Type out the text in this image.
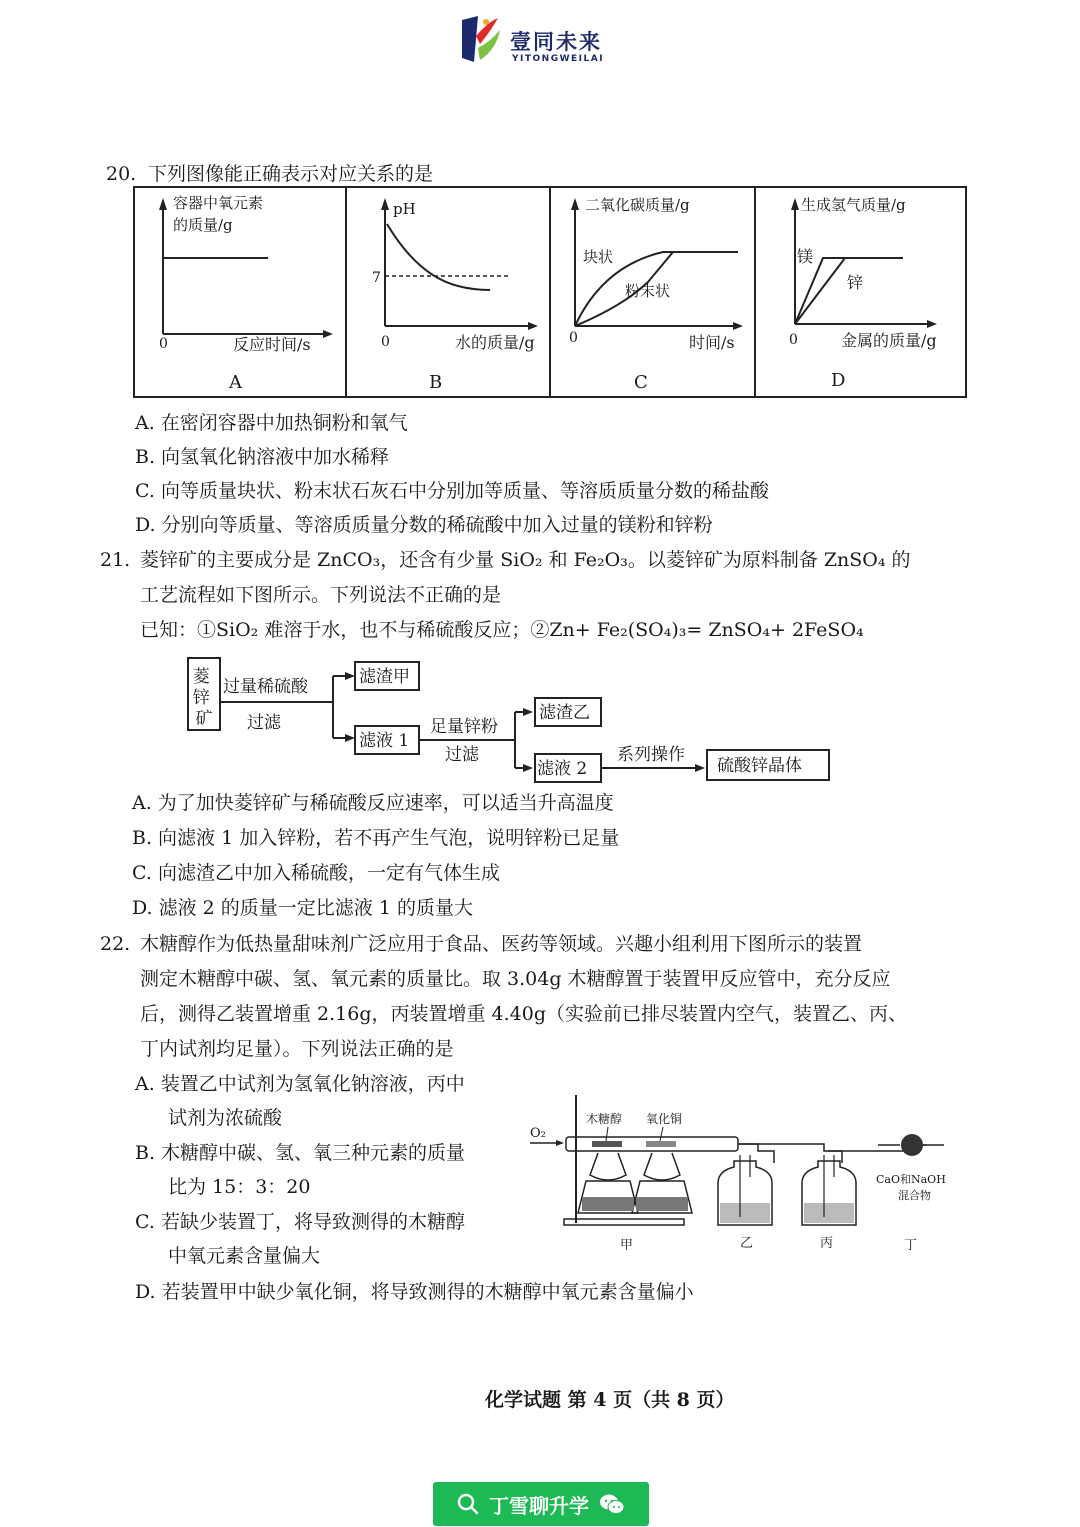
壹同未来
YITONGWEILAI
20. 下列图像能正确表示对应关系的是
容器中氧元素
的质量/g
0	反应时间/s
A
pH
7
0	水的质量/g
B
二氧化碳质量/g
块状
粉末状
0	时间/s
C
生成氢气质量/g
镁
锌
0	金属的质量/g
D
A. 在密闭容器中加热铜粉和氧气
B. 向氢氧化钠溶液中加水稀释
C. 向等质量块状、粉末状石灰石中分别加等质量、等溶质质量分数的稀盐酸
D. 分别向等质量、等溶质质量分数的稀硫酸中加入过量的镁粉和锌粉
21. 菱锌矿的主要成分是 ZnCO₃，还含有少量 SiO₂ 和 Fe₂O₃。以菱锌矿为原料制备 ZnSO₄ 的
工艺流程如下图所示。下列说法不正确的是
已知：①SiO₂ 难溶于水，也不与稀硫酸反应；②Zn+ Fe₂(SO₄)₃= ZnSO₄+ 2FeSO₄
菱 锌 矿
过量稀硫酸
过滤
滤渣甲
滤液 1
足量锌粉
过滤
滤渣乙
滤液 2
系列操作
硫酸锌晶体
A. 为了加快菱锌矿与稀硫酸反应速率，可以适当升高温度
B. 向滤液 1 加入锌粉，若不再产生气泡，说明锌粉已足量
C. 向滤渣乙中加入稀硫酸，一定有气体生成
D. 滤液 2 的质量一定比滤液 1 的质量大
22. 木糖醇作为低热量甜味剂广泛应用于食品、医药等领域。兴趣小组利用下图所示的装置
测定木糖醇中碳、氢、氧元素的质量比。取 3.04g 木糖醇置于装置甲反应管中，充分反应
后，测得乙装置增重 2.16g，丙装置增重 4.40g（实验前已排尽装置内空气，装置乙、丙、
丁内试剂均足量）。下列说法正确的是
A. 装置乙中试剂为氢氧化钠溶液，丙中
试剂为浓硫酸
B. 木糖醇中碳、氢、氧三种元素的质量
比为 15：3：20
C. 若缺少装置丁，将导致测得的木糖醇
中氧元素含量偏大
D. 若装置甲中缺少氧化铜，将导致测得的木糖醇中氧元素含量偏小
O₂
木糖醇 氧化铜
CaO和NaOH
混合物
甲	乙	丙	丁
化学试题 第 4 页（共 8 页）
丁雪聊升学
